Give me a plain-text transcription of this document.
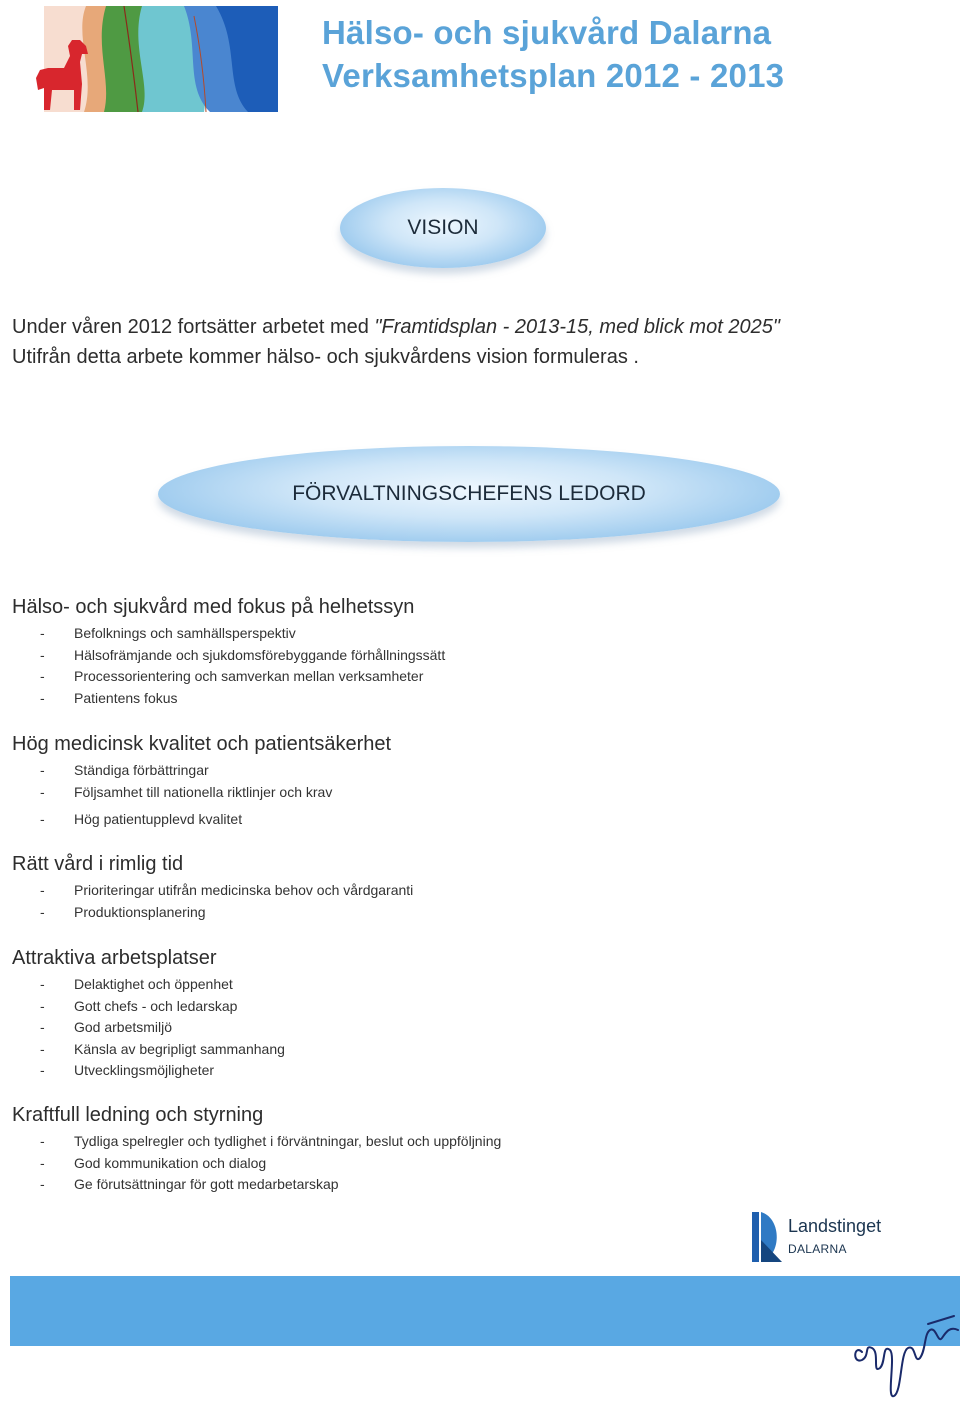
Hälso- och sjukvård Dalarna
Verksamhetsplan 2012 - 2013
VISION
Under våren 2012 fortsätter arbetet med "Framtidsplan - 2013-15, med blick mot 2025"
Utifrån detta arbete kommer hälso- och sjukvårdens vision formuleras .
FÖRVALTNINGSCHEFENS LEDORD
Hälso- och sjukvård med fokus på helhetssyn
- Befolknings och samhällsperspektiv
- Hälsofrämjande och sjukdomsförebyggande förhållningssätt
- Processorientering och samverkan mellan verksamheter
- Patientens fokus
Hög medicinsk kvalitet och patientsäkerhet
- Ständiga förbättringar
- Följsamhet till nationella riktlinjer och krav
- Hög patientupplevd kvalitet
Rätt vård i rimlig tid
- Prioriteringar utifrån medicinska behov och vårdgaranti
- Produktionsplanering
Attraktiva arbetsplatser
- Delaktighet och öppenhet
- Gott chefs - och ledarskap
- God arbetsmiljö
- Känsla av begripligt sammanhang
- Utvecklingsmöjligheter
Kraftfull ledning och styrning
- Tydliga spelregler och tydlighet i förväntningar, beslut och uppföljning
- God kommunikation och dialog
- Ge förutsättningar för gott medarbetarskap
Landstinget
DALARNA
